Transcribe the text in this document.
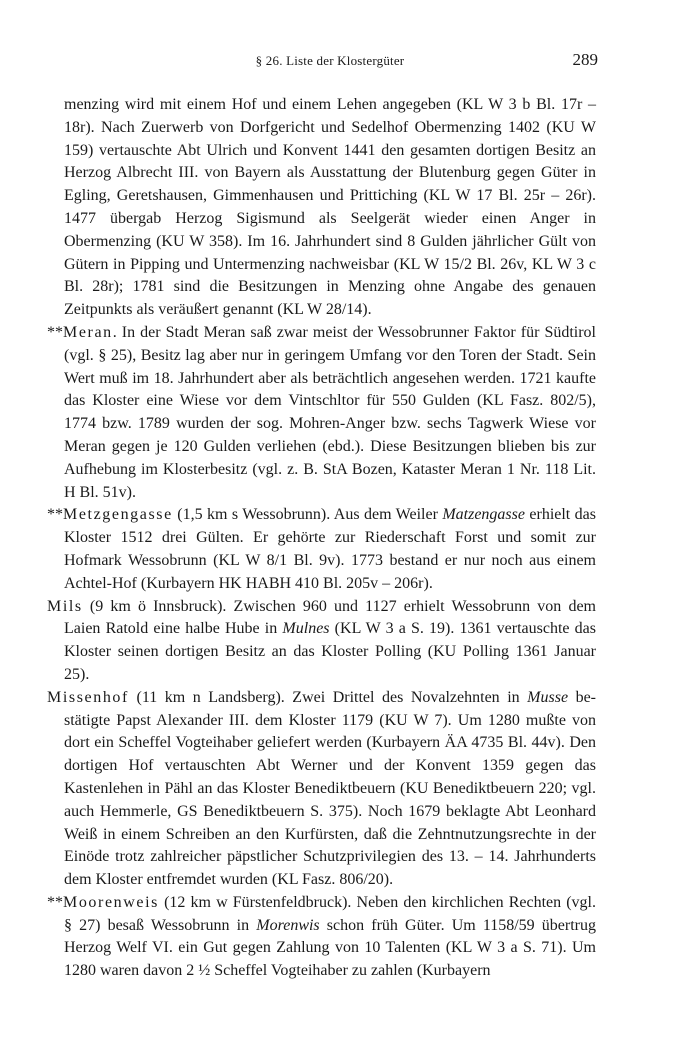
§ 26. Liste der Klostergüter	289

menzing wird mit einem Hof und einem Lehen angegeben (KL W 3 b Bl. 17r – 18r). Nach Zuerwerb von Dorfgericht und Sedelhof Obermenzing 1402 (KU W 159) vertauschte Abt Ulrich und Konvent 1441 den gesamten dortigen Besitz an Herzog Albrecht III. von Bayern als Ausstattung der Blutenburg gegen Güter in Egling, Geretshausen, Gimmenhausen und Prittiching (KL W 17 Bl. 25r – 26r). 1477 übergab Herzog Sigismund als Seelgerät wieder einen Anger in Obermenzing (KU W 358). Im 16. Jahrhundert sind 8 Gulden jährlicher Gült von Gütern in Pipping und Untermenzing nachweisbar (KL W 15/2 Bl. 26v, KL W 3 c Bl. 28r); 1781 sind die Besitzungen in Menzing ohne Angabe des genauen Zeitpunkts als veräußert genannt (KL W 28/14).

**Meran. In der Stadt Meran saß zwar meist der Wessobrunner Faktor für Südtirol (vgl. § 25), Besitz lag aber nur in geringem Umfang vor den Toren der Stadt. Sein Wert muß im 18. Jahrhundert aber als beträchtlich angesehen werden. 1721 kaufte das Kloster eine Wiese vor dem Vintschltor für 550 Gulden (KL Fasz. 802/5), 1774 bzw. 1789 wurden der sog. Mohren-Anger bzw. sechs Tagwerk Wiese vor Meran gegen je 120 Gulden verliehen (ebd.). Diese Besitzungen blieben bis zur Aufhebung im Klosterbesitz (vgl. z. B. StA Bozen, Kataster Meran 1 Nr. 118 Lit. H Bl. 51v).

**Metzgengasse (1,5 km s Wessobrunn). Aus dem Weiler Matzengasse erhielt das Kloster 1512 drei Gülten. Er gehörte zur Riederschaft Forst und somit zur Hofmark Wessobrunn (KL W 8/1 Bl. 9v). 1773 bestand er nur noch aus einem Achtel-Hof (Kurbayern HK HABH 410 Bl. 205v – 206r).

Mils (9 km ö Innsbruck). Zwischen 960 und 1127 erhielt Wessobrunn von dem Laien Ratold eine halbe Hube in Mulnes (KL W 3 a S. 19). 1361 vertauschte das Kloster seinen dortigen Besitz an das Kloster Polling (KU Polling 1361 Januar 25).

Missenhof (11 km n Landsberg). Zwei Drittel des Novalzehnten in Musse bestätigte Papst Alexander III. dem Kloster 1179 (KU W 7). Um 1280 mußte von dort ein Scheffel Vogteihaber geliefert werden (Kurbayern ÄA 4735 Bl. 44v). Den dortigen Hof vertauschten Abt Werner und der Konvent 1359 gegen das Kastenlehen in Pähl an das Kloster Benediktbeuern (KU Benediktbeuern 220; vgl. auch Hemmerle, GS Benediktbeuern S. 375). Noch 1679 beklagte Abt Leonhard Weiß in einem Schreiben an den Kurfürsten, daß die Zehntnutzungsrechte in der Einöde trotz zahlreicher päpstlicher Schutzprivilegien des 13. – 14. Jahrhunderts dem Kloster entfremdet wurden (KL Fasz. 806/20).

**Moorenweis (12 km w Fürstenfeldbruck). Neben den kirchlichen Rechten (vgl. § 27) besaß Wessobrunn in Morenwis schon früh Güter. Um 1158/59 übertrug Herzog Welf VI. ein Gut gegen Zahlung von 10 Talenten (KL W 3 a S. 71). Um 1280 waren davon 2 ½ Scheffel Vogteihaber zu zahlen (Kurbayern
